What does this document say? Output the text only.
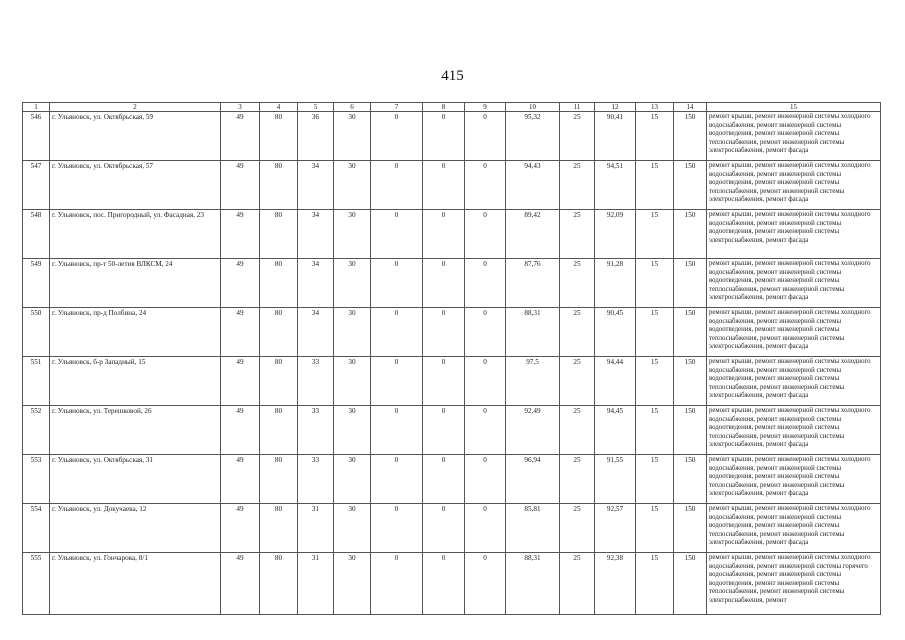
415
1	2	3	4	5	6	7	8	9	10	11	12	13	14	15
546	г. Ульяновск, ул. Октябрьская, 59	49	80	36	30	0	0	0	95,32	25	90,41	15	150	ремонт крыши, ремонт инженерной системы холодного водоснабжения, ремонт инженерной системы водоотведения, ремонт инженерной системы теплоснабжения, ремонт инженерной системы электроснабжения, ремонт фасада
547	г. Ульяновск, ул. Октябрьская, 57	49	80	34	30	0	0	0	94,43	25	94,51	15	150	ремонт крыши, ремонт инженерной системы холодного водоснабжения, ремонт инженерной системы водоотведения, ремонт инженерной системы теплоснабжения, ремонт инженерной системы электроснабжения, ремонт фасада
548	г. Ульяновск, пос. Пригородный, ул. Фасадная, 23	49	80	34	30	0	0	0	89,42	25	92,09	15	150	ремонт крыши, ремонт инженерной системы холодного водоснабжения, ремонт инженерной системы водоотведения, ремонт инженерной системы электроснабжения, ремонт фасада
549	г. Ульяновск, пр-т 50-летия ВЛКСМ, 24	49	80	34	30	0	0	0	87,76	25	91,28	15	150	ремонт крыши, ремонт инженерной системы холодного водоснабжения, ремонт инженерной системы водоотведения, ремонт инженерной системы теплоснабжения, ремонт инженерной системы электроснабжения, ремонт фасада
550	г. Ульяновск, пр-д Полбина, 24	49	80	34	30	0	0	0	88,31	25	90,45	15	150	ремонт крыши, ремонт инженерной системы холодного водоснабжения, ремонт инженерной системы водоотведения, ремонт инженерной системы теплоснабжения, ремонт инженерной системы электроснабжения, ремонт фасада
551	г. Ульяновск, б-р Западный, 15	49	80	33	30	0	0	0	97,5	25	94,44	15	150	ремонт крыши, ремонт инженерной системы холодного водоснабжения, ремонт инженерной системы водоотведения, ремонт инженерной системы теплоснабжения, ремонт инженерной системы электроснабжения, ремонт фасада
552	г. Ульяновск, ул. Терешковой, 26	49	80	33	30	0	0	0	92,49	25	94,45	15	150	ремонт крыши, ремонт инженерной системы холодного водоснабжения, ремонт инженерной системы водоотведения, ремонт инженерной системы теплоснабжения, ремонт инженерной системы электроснабжения, ремонт фасада
553	г. Ульяновск, ул. Октябрьская, 31	49	80	33	30	0	0	0	96,94	25	91,55	15	150	ремонт крыши, ремонт инженерной системы холодного водоснабжения, ремонт инженерной системы водоотведения, ремонт инженерной системы теплоснабжения, ремонт инженерной системы электроснабжения, ремонт фасада
554	г. Ульяновск, ул. Докучаева, 12	49	80	31	30	0	0	0	85,81	25	92,57	15	150	ремонт крыши, ремонт инженерной системы холодного водоснабжения, ремонт инженерной системы водоотведения, ремонт инженерной системы теплоснабжения, ремонт инженерной системы электроснабжения, ремонт фасада
555	г. Ульяновск, ул. Гончарова, 8/1	49	80	31	30	0	0	0	88,31	25	92,38	15	150	ремонт крыши, ремонт инженерной системы холодного водоснабжения, ремонт инженерной системы горячего водоснабжения, ремонт инженерной системы водоотведения, ремонт инженерной системы теплоснабжения, ремонт инженерной системы электроснабжения, ремонт
